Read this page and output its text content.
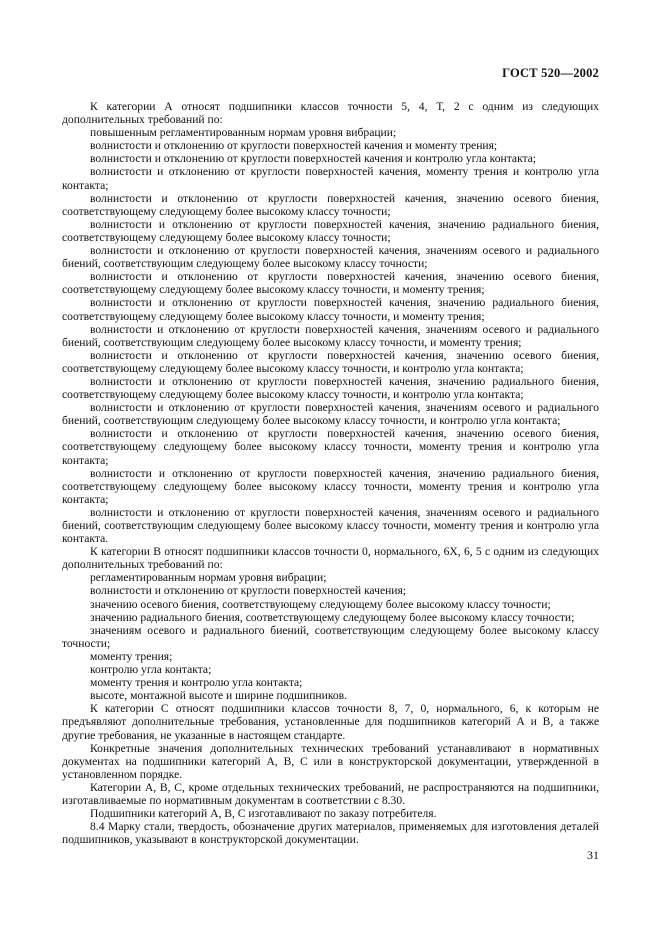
ГОСТ 520—2002

К категории А относят подшипники классов точности 5, 4, Т, 2 с одним из следующих дополнительных требований по:

повышенным регламентированным нормам уровня вибрации;

волнистости и отклонению от круглости поверхностей качения и моменту трения;

волнистости и отклонению от круглости поверхностей качения и контролю угла контакта;

волнистости и отклонению от круглости поверхностей качения, моменту трения и контролю угла контакта;

волнистости и отклонению от круглости поверхностей качения, значению осевого биения, соответствующему следующему более высокому классу точности;

волнистости и отклонению от круглости поверхностей качения, значению радиального биения, соответствующему следующему более высокому классу точности;

волнистости и отклонению от круглости поверхностей качения, значениям осевого и радиального биений, соответствующим следующему более высокому классу точности;

волнистости и отклонению от круглости поверхностей качения, значению осевого биения, соответствующему следующему более высокому классу точности, и моменту трения;

волнистости и отклонению от круглости поверхностей качения, значению радиального биения, соответствующему следующему более высокому классу точности, и моменту трения;

волнистости и отклонению от круглости поверхностей качения, значениям осевого и радиального биений, соответствующим следующему более высокому классу точности, и моменту трения;

волнистости и отклонению от круглости поверхностей качения, значению осевого биения, соответствующему следующему более высокому классу точности, и контролю угла контакта;

волнистости и отклонению от круглости поверхностей качения, значению радиального биения, соответствующему следующему более высокому классу точности, и контролю угла контакта;

волнистости и отклонению от круглости поверхностей качения, значениям осевого и радиального биений, соответствующим следующему более высокому классу точности, и контролю угла контакта;

волнистости и отклонению от круглости поверхностей качения, значению осевого биения, соответствующему следующему более высокому классу точности, моменту трения и контролю угла контакта;

волнистости и отклонению от круглости поверхностей качения, значению радиального биения, соответствующему следующему более высокому классу точности, моменту трения и контролю угла контакта;

волнистости и отклонению от круглости поверхностей качения, значениям осевого и радиального биений, соответствующим следующему более высокому классу точности, моменту трения и контролю угла контакта.

К категории В относят подшипники классов точности 0, нормального, 6Х, 6, 5 с одним из следующих дополнительных требований по:

регламентированным нормам уровня вибрации;

волнистости и отклонению от круглости поверхностей качения;

значению осевого биения, соответствующему следующему более высокому классу точности;

значению радиального биения, соответствующему следующему более высокому классу точности;

значениям осевого и радиального биений, соответствующим следующему более высокому классу точности;

моменту трения;

контролю угла контакта;

моменту трения и контролю угла контакта;

высоте, монтажной высоте и ширине подшипников.

К категории С относят подшипники классов точности 8, 7, 0, нормального, 6, к которым не предъявляют дополнительные требования, установленные для подшипников категорий А и В, а также другие требования, не указанные в настоящем стандарте.

Конкретные значения дополнительных технических требований устанавливают в нормативных документах на подшипники категорий А, В, С или в конструкторской документации, утвержденной в установленном порядке.

Категории А, В, С, кроме отдельных технических требований, не распространяются на подшипники, изготавливаемые по нормативным документам в соответствии с 8.30.

Подшипники категорий А, В, С изготавливают по заказу потребителя.

8.4 Марку стали, твердость, обозначение других материалов, применяемых для изготовления деталей подшипников, указывают в конструкторской документации.

31
